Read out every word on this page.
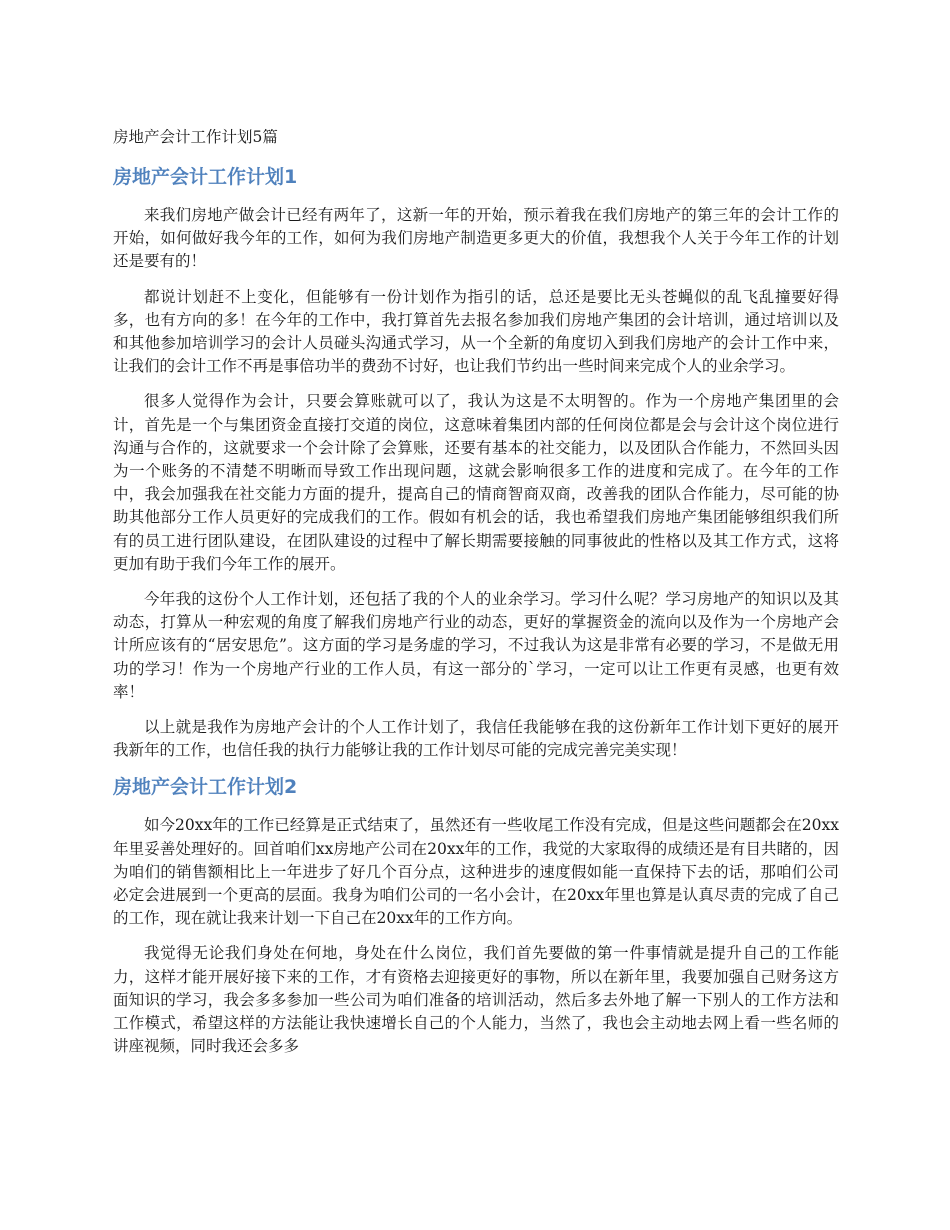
房地产会计工作计划5篇
房地产会计工作计划1

来我们房地产做会计已经有两年了，这新一年的开始，预示着我在我们房地产的第三年的会计工作的开始，如何做好我今年的工作，如何为我们房地产制造更多更大的价值，我想我个人关于今年工作的计划还是要有的！

都说计划赶不上变化，但能够有一份计划作为指引的话，总还是要比无头苍蝇似的乱飞乱撞要好得多，也有方向的多！在今年的工作中，我打算首先去报名参加我们房地产集团的会计培训，通过培训以及和其他参加培训学习的会计人员碰头沟通式学习，从一个全新的角度切入到我们房地产的会计工作中来，让我们的会计工作不再是事倍功半的费劲不讨好，也让我们节约出一些时间来完成个人的业余学习。

很多人觉得作为会计，只要会算账就可以了，我认为这是不太明智的。作为一个房地产集团里的会计，首先是一个与集团资金直接打交道的岗位，这意味着集团内部的任何岗位都是会与会计这个岗位进行沟通与合作的，这就要求一个会计除了会算账，还要有基本的社交能力，以及团队合作能力，不然回头因为一个账务的不清楚不明晰而导致工作出现问题，这就会影响很多工作的进度和完成了。在今年的工作中，我会加强我在社交能力方面的提升，提高自己的情商智商双商，改善我的团队合作能力，尽可能的协助其他部分工作人员更好的完成我们的工作。假如有机会的话，我也希望我们房地产集团能够组织我们所有的员工进行团队建设，在团队建设的过程中了解长期需要接触的同事彼此的性格以及其工作方式，这将更加有助于我们今年工作的展开。

今年我的这份个人工作计划，还包括了我的个人的业余学习。学习什么呢？学习房地产的知识以及其动态，打算从一种宏观的角度了解我们房地产行业的动态，更好的掌握资金的流向以及作为一个房地产会计所应该有的“居安思危”。这方面的学习是务虚的学习，不过我认为这是非常有必要的学习，不是做无用功的学习！作为一个房地产行业的工作人员，有这一部分的`学习，一定可以让工作更有灵感，也更有效率！

以上就是我作为房地产会计的个人工作计划了，我信任我能够在我的这份新年工作计划下更好的展开我新年的工作，也信任我的执行力能够让我的工作计划尽可能的完成完善完美实现！

房地产会计工作计划2

如今20xx年的工作已经算是正式结束了，虽然还有一些收尾工作没有完成，但是这些问题都会在20xx年里妥善处理好的。回首咱们xx房地产公司在20xx年的工作，我觉的大家取得的成绩还是有目共睹的，因为咱们的销售额相比上一年进步了好几个百分点，这种进步的速度假如能一直保持下去的话，那咱们公司必定会进展到一个更高的层面。我身为咱们公司的一名小会计，在20xx年里也算是认真尽责的完成了自己的工作，现在就让我来计划一下自己在20xx年的工作方向。

我觉得无论我们身处在何地，身处在什么岗位，我们首先要做的第一件事情就是提升自己的工作能力，这样才能开展好接下来的工作，才有资格去迎接更好的事物，所以在新年里，我要加强自己财务这方面知识的学习，我会多多参加一些公司为咱们准备的培训活动，然后多去外地了解一下别人的工作方法和工作模式，希望这样的方法能让我快速增长自己的个人能力，当然了，我也会主动地去网上看一些名师的讲座视频，同时我还会多多
